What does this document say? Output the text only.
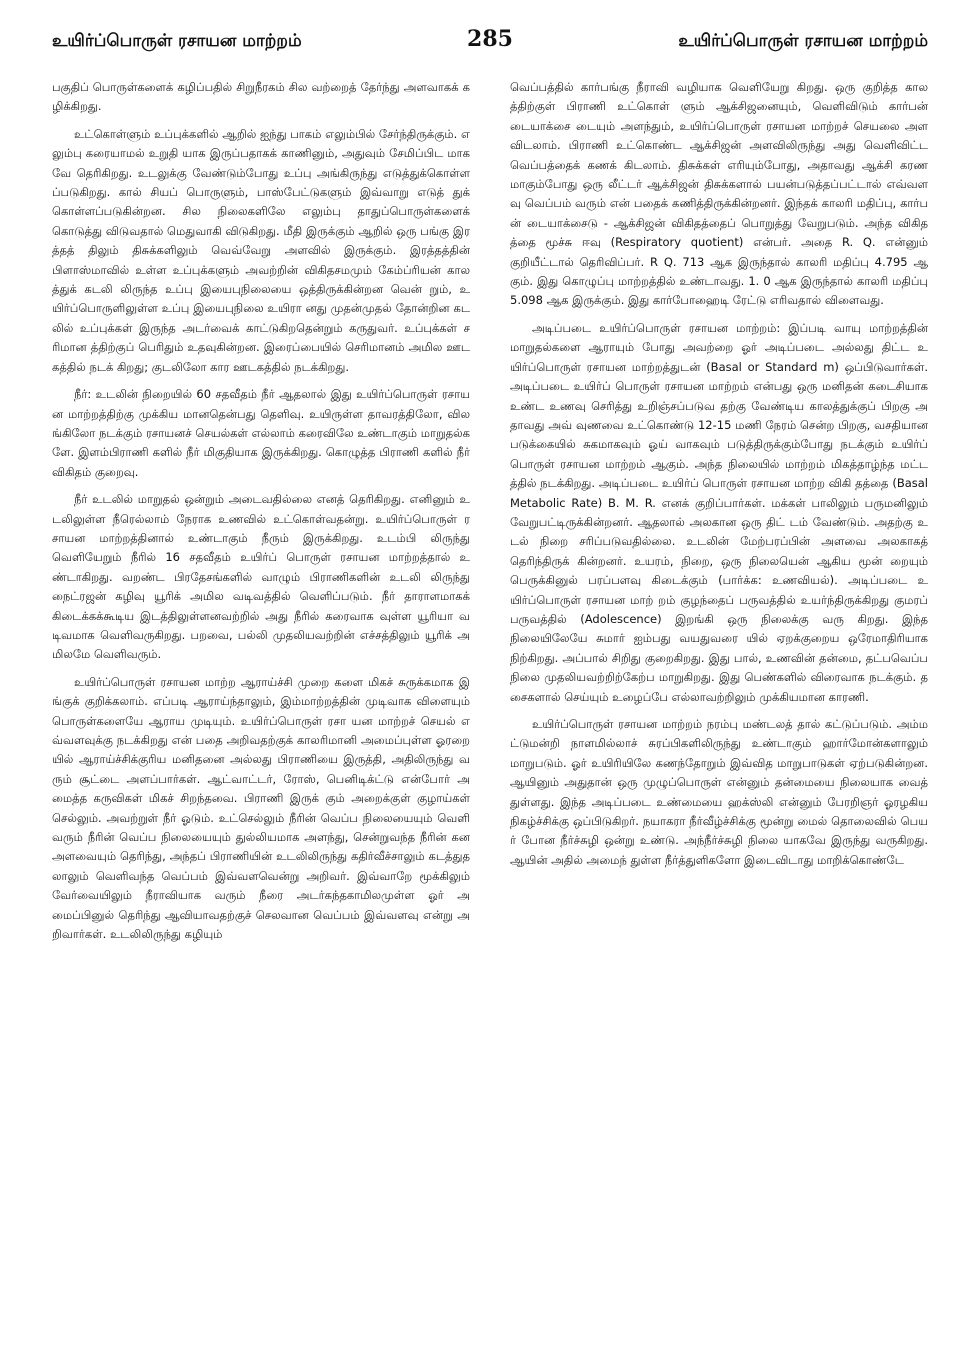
உயிர்ப்பொருள் ரசாயன மாற்றம்	285	உயிர்ப்பொருள் ரசாயன மாற்றம்

பகுதிப் பொருள்களைக் கழிப்பதில் சிறுநீரகம் சில வற்றைத் தேர்ந்து அளவாகக் கழிக்கிறது.

உட்கொள்ளும் உப்புக்களில் ஆறில் ஐந்து பாகம் எலும்பில் சேர்ந்திருக்கும். எலும்பு கரையாமல் உறுதி யாக இருப்பதாகக் காணினும், அதுவும் சேமிப்பிட மாகவே தெரிகிறது. உடலுக்கு வேண்டும்போது உப்பு அங்கிருந்து எடுத்துக்கொள்ளப்படுகிறது. கால் சியப் பொருளும், பாஸ்பேட்டுகளும் இவ்வாறு எடுத் துக் கொள்ளப்படுகின்றன. சில நிலைகளிலே எலும்பு தாதுப்பொருள்களைக் கொடுத்து விடுவதால் மெதுவாகி விடுகிறது. மீதி இருக்கும் ஆறில் ஒரு பங்கு இரத்தத் திலும் திசுக்களிலும் வெவ்வேறு அளவில் இருக்கும். இரத்தத்தின் பிளாஸ்மாவில் உள்ள உப்புக்களும் அவற்றின் விகிதசமமும் கேம்ப்ரியன் காலத்துக் கடலி லிருந்த உப்பு இயைபுநிலையை ஒத்திருக்கின்றன வென் றும், உயிர்ப்பொருளிலுள்ள உப்பு இயைபுநிலை உயிரா னது முதன்முதல் தோன்றின கடலில் உப்புக்கள் இருந்த அடர்வைக் காட்டுகிறதென்றும் கருதுவர். உப்புக்கள் சரிமான த்திற்குப் பெரிதும் உதவுகின்றன. இரைப்பையில் செரிமானம் அமில ஊடகத்தில் நடக் கிறது; குடலிலோ கார ஊடகத்தில் நடக்கிறது.

நீர்: உடலின் நிறையில் 60 சதவீதம் நீர் ஆதலால் இது உயிர்ப்பொருள் ரசாயன மாற்றத்திற்கு முக்கிய மானதென்பது தெளிவு. உயிருள்ள தாவரத்திலோ, விலங்கிலோ நடக்கும் ரசாயனச் செயல்கள் எல்லாம் கரைவிலே உண்டாகும் மாறுதல்களே. இளம்பிராணி களில் நீர் மிகுதியாக இருக்கிறது. கொழுத்த பிராணி களில் நீர் விகிதம் குறைவு.

நீர் உடலில் மாறுதல் ஒன்றும் அடைவதில்லை எனத் தெரிகிறது. எனினும் உடலிலுள்ள நீரெல்லாம் நேராக உணவில் உட்கொள்வதன்று. உயிர்ப்பொருள் ரசாயன மாற்றத்தினால் உண்டாகும் நீரும் இருக்கிறது. உடம்பி லிருந்து வெளியேறும் நீரில் 16 சதவீதம் உயிர்ப் பொருள் ரசாயன மாற்றத்தால் உண்டாகிறது. வறண்ட பிரதேசங்களில் வாழும் பிராணிகளின் உடலி லிருந்து நைட்ரஜன் கழிவு யூரிக் அமில வடிவத்தில் வெளிப்படும். நீர் தாராளமாகக் கிடைக்கக்கூடிய இடத்திலுள்ளனவற்றில் அது நீரில் கரைவாக வுள்ள யூரியா வடிவமாக வெளிவருகிறது. பறவை, பல்லி முதலியவற்றின் எச்சத்திலும் யூரிக் அமிலமே வெளிவரும்.

உயிர்ப்பொருள் ரசாயன மாற்ற ஆராய்ச்சி முறை களை மிகச் சுருக்கமாக இங்குக் குறிக்கலாம். எப்படி ஆராய்ந்தாலும், இம்மாற்றத்தின் முடிவாக விளையும் பொருள்களையே ஆராய முடியும். உயிர்ப்பொருள் ரசா யன மாற்றச் செயல் எவ்வளவுக்கு நடக்கிறது என் பதை அறிவதற்குக் காலரிமானி அமைப்புள்ள ஓரறை யில் ஆராய்ச்சிக்குரிய மனிதனை அல்லது பிராணியை இருத்தி, அதிலிருந்து வரும் சூட்டை அளப்பார்கள். ஆட்வாட்டர், ரோஸ், பெனிடிக்ட்டு என்போர் அமைத்த கருவிகள் மிகச் சிறந்தவை. பிராணி இருக் கும் அறைக்குள் குழாய்கள் செல்லும். அவற்றுள் நீர் ஓடும். உட்செல்லும் நீரின் வெப்ப நிலையையும் வெளி வரும் நீரின் வெப்ப நிலையையும் துல்லியமாக அளந்து, சென்றுவந்த நீரின் கன அளவையும் தெரிந்து, அந்தப் பிராணியின் உடலிலிருந்து கதிர்வீச்சாலும் கடத்துத லாலும் வெளிவந்த வெப்பம் இவ்வளவென்று அறிவர். இவ்வாறே மூக்கிலும் வேர்வையிலும் நீராவியாக வரும் நீரை அடர்கந்தகாமிலமுள்ள ஓர் அமைப்பினுல் தெரிந்து ஆவியாவதற்குச் செலவான வெப்பம் இவ்வளவு என்று அறிவார்கள். உடலிலிருந்து கழியும்

வெப்பத்தில் கார்பங்கு நீராவி வழியாக வெளியேறு கிறது. ஒரு குறித்த காலத்திற்குள் பிராணி உட்கொள் ளும் ஆக்சிஜனையும், வெளிவிடும் கார்பன் டையாக்சை டையும் அளந்தும், உயிர்ப்பொருள் ரசாயன மாற்றச் செயலை அளவிடலாம். பிராணி உட்கொண்ட ஆக்சிஜன் அளவிலிருந்து அது வெளிவிட்ட வெப்பத்தைக் கணக் கிடலாம். திசுக்கள் எரியும்போது, அதாவது ஆக்சி கரணமாகும்போது ஒரு லீட்டர் ஆக்சிஜன் திசுக்களால் பயன்படுத்தப்பட்டால் எவ்வளவு வெப்பம் வரும் என் பதைக் கணித்திருக்கின்றனர். இந்தக் காலரி மதிப்பு, கார்பன் டையாக்சைடு - ஆக்சிஜன் விகிதத்தைப் பொறுத்து வேறுபடும். அந்த விகிதத்தை மூச்சு ஈவு (Respiratory quotient) என்பர். அதை R. Q. என்னும் குறியீட்டால் தெரிவிப்பர். R Q. 713 ஆக இருந்தால் காலரி மதிப்பு 4.795 ஆகும். இது கொழுப்பு மாற்றத்தில் உண்டாவது. 1. 0 ஆக இருந்தால் காலரி மதிப்பு 5.098 ஆக இருக்கும். இது கார்போஹைடி ரேட்டு எரிவதால் விளைவது.

அடிப்படை உயிர்ப்பொருள் ரசாயன மாற்றம்: இப்படி வாயு மாற்றத்தின் மாறுதல்களை ஆராயும் போது அவற்றை ஓர் அடிப்படை அல்லது திட்ட உயிர்ப்பொருள் ரசாயன மாற்றத்துடன் (Basal or Standard m) ஒப்பிடுவார்கள். அடிப்படை உயிர்ப் பொருள் ரசாயன மாற்றம் என்பது ஒரு மனிதன் கடைசியாக உண்ட உணவு செரித்து உறிஞ்சப்படுவ தற்கு வேண்டிய காலத்துக்குப் பிறகு அதாவது அவ் வுணவை உட்கொண்டு 12-15 மணி நேரம் சென்ற பிறகு, வசதியான படுக்கையில் சுகமாகவும் ஓய் வாகவும் படுத்திருக்கும்போது நடக்கும் உயிர்ப் பொருள் ரசாயன மாற்றம் ஆகும். அந்த நிலையில் மாற்றம் மிகத்தாழ்ந்த மட்டத்தில் நடக்கிறது. அடிப்படை உயிர்ப் பொருள் ரசாயன மாற்ற விகி தத்தை (Basal Metabolic Rate) B. M. R. எனக் குறிப்பார்கள். மக்கள் பாலிலும் பருமனிலும் வேறுபட்டிருக்கின்றனர். ஆதலால் அலகான ஒரு திட் டம் வேண்டும். அதற்கு உடல் நிறை சரிப்படுவதில்லை. உடலின் மேற்பரப்பின் அளவை அலகாகத் தெரிந்திருக் கின்றனர். உயரம், நிறை, ஒரு நிலையென் ஆகிய மூன் றையும் பெருக்கினுல் பரப்பளவு கிடைக்கும் (பார்க்க: உணவியல்). அடிப்படை உயிர்ப்பொருள் ரசாயன மாற் றம் குழந்தைப் பருவத்தில் உயர்ந்திருக்கிறது குமரப் பருவத்தில் (Adolescence) இறங்கி ஒரு நிலைக்கு வரு கிறது. இந்த நிலையிலேயே சுமார் ஐம்பது வயதுவரை யில் ஏறக்குறைய ஒரேமாதிரியாக நிற்கிறது. அப்பால் சிறிது குறைகிறது. இது பால், உணவின் தன்மை, தட்பவெப்ப நிலை முதலியவற்றிற்கேற்ப மாறுகிறது. இது பெண்களில் விரைவாக நடக்கும். தசைகளால் செய்யும் உழைப்பே எல்லாவற்றிலும் முக்கியமான காரணி.

உயிர்ப்பொருள் ரசாயன மாற்றம் நரம்பு மண்டலத் தால் கட்டுப்படும். அம்மட்டுமன்றி நாளமில்லாச் சுரப்பிகளிலிருந்து உண்டாகும் ஹார்மோன்களாலும் மாறுபடும். ஓர் உயிரியிலே கணந்தோறும் இவ்வித மாறுபாடுகள் ஏற்படுகின்றன. ஆயினும் அதுதான் ஒரு முழுப்பொருள் என்னும் தன்மையை நிலையாக வைத் துள்ளது. இந்த அடிப்படை உண்மையை ஹக்ஸ்லி என்னும் பேரறிஞர் ஓரழகிய நிகழ்ச்சிக்கு ஒப்பிடுகிறர். நயாகரா நீர்வீழ்ச்சிக்கு மூன்று மைல் தொலைவில் பெயர் போன நீர்ச்சுழி ஒன்று உண்டு. அந்நீர்ச்சுழி நிலை யாகவே இருந்து வருகிறது. ஆயின் அதில் அமைந் துள்ள நீர்த்துளிகளோ இடைவிடாது மாறிக்கொண்டே
